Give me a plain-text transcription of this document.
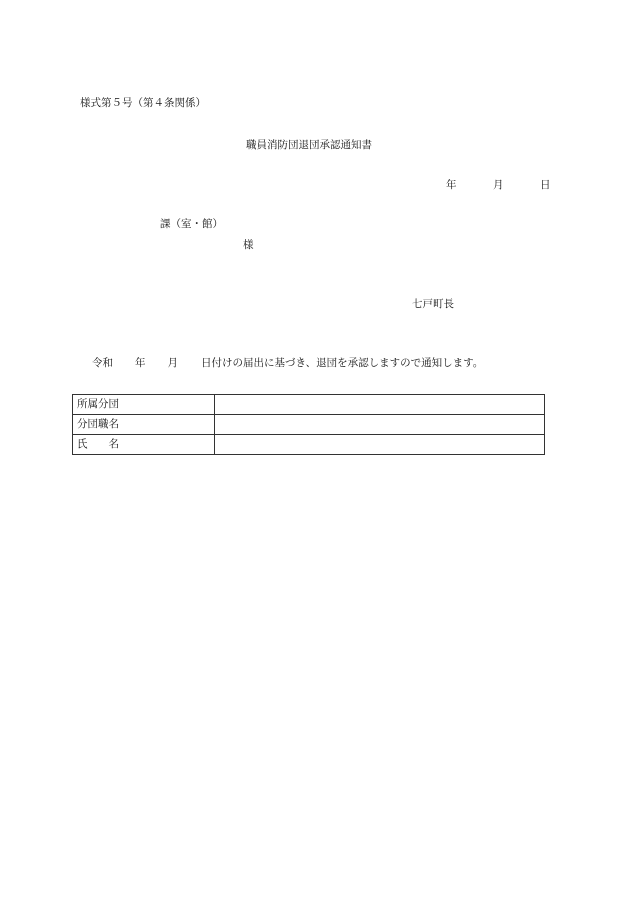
様式第５号（第４条関係）
職員消防団退団承認通知書
年	月	日
課（室・館）
様
七戸町長
令和 年 月 日付けの届出に基づき、退団を承認しますので通知します。
所属分団	
分団職名	
氏　　名	
